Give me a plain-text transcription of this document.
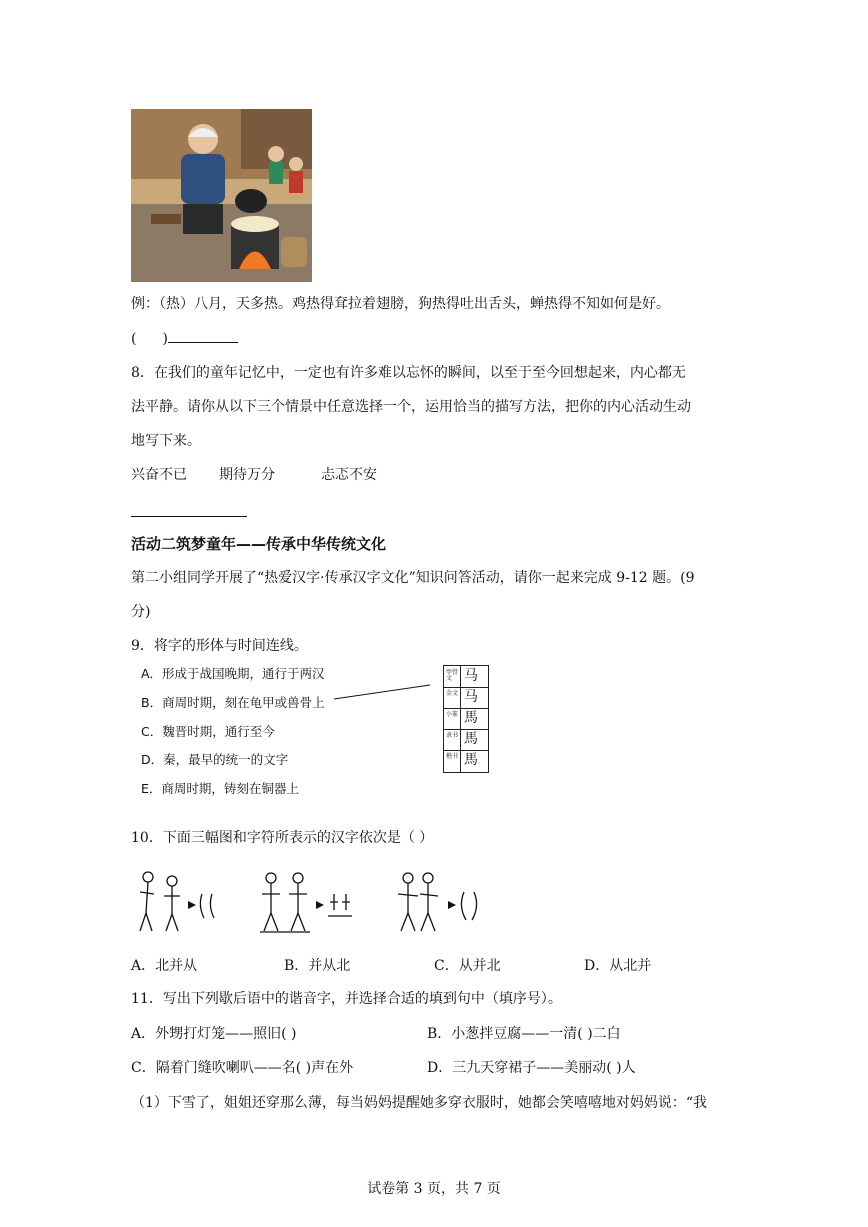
例：（热）八月，天多热。鸡热得耷拉着翅膀，狗热得吐出舌头，蝉热得不知如何是好。
( )
8．在我们的童年记忆中，一定也有许多难以忘怀的瞬间，以至于至今回想起来，内心都无
法平静。请你从以下三个情景中任意选择一个，运用恰当的描写方法，把你的内心活动生动
地写下来。
兴奋不已 期待万分	忐忑不安
活动二筑梦童年——传承中华传统文化
第二小组同学开展了“热爱汉字·传承汉字文化”知识问答活动，请你一起来完成 9-12 题。(9
分)
9．将字的形体与时间连线。
A．形成于战国晚期，通行于两汉
B．商周时期，刻在龟甲或兽骨上
C．魏晋时期，通行至今
D．秦，最早的统一的文字
E．商周时期，铸刻在铜器上
甲骨文 马
金文 马
小篆 馬
隶书 馬
楷书 馬
10．下面三幅图和字符所表示的汉字依次是（ ）
A．北并从	B．并从北	C．从并北	D．从北并
11．写出下列歇后语中的谐音字，并选择合适的填到句中（填序号）。
A．外甥打灯笼——照旧( )	B．小葱拌豆腐——一清( )二白
C．隔着门缝吹喇叭——名( )声在外	D．三九天穿裙子——美丽动( )人
（1）下雪了，姐姐还穿那么薄，每当妈妈提醒她多穿衣服时，她都会笑嘻嘻地对妈妈说：“我
试卷第 3 页，共 7 页
